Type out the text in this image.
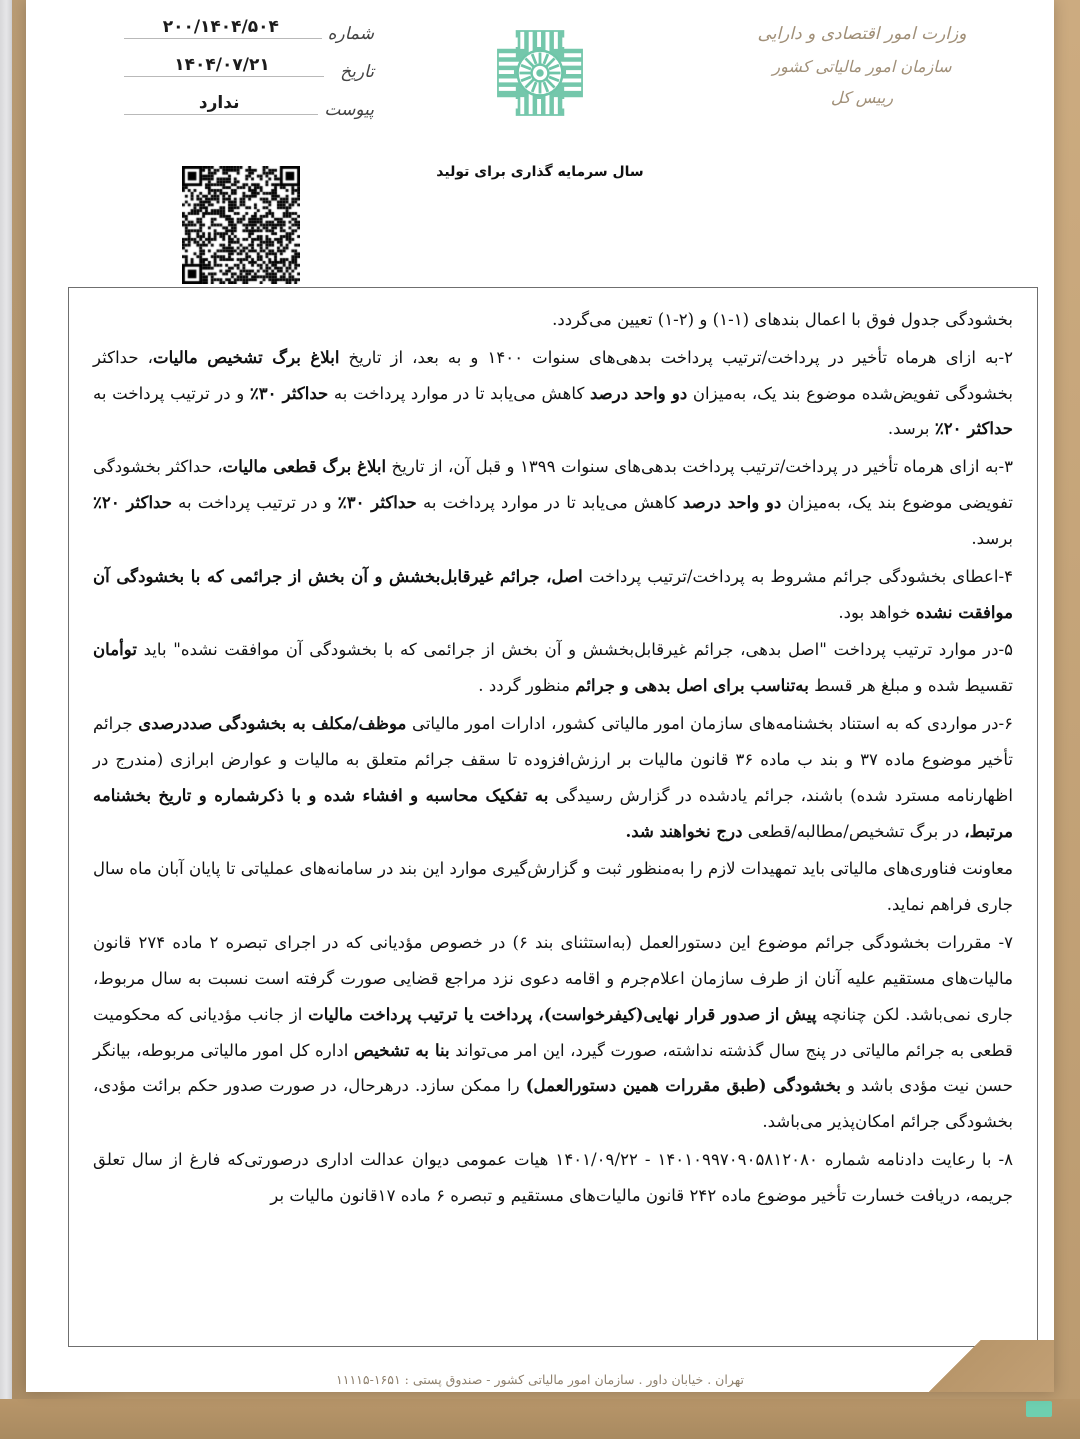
شماره
۲۰۰/۱۴۰۴/۵۰۴
تاریخ
۱۴۰۴/۰۷/۲۱
پیوست
ندارد
وزارت امور اقتصادی و دارایی
سازمان امور مالیاتی کشور
رییس کل
سال سرمایه گذاری برای تولید

بخشودگی جدول فوق با اعمال بندهای (۱-۱) و (۲-۱) تعیین می‌گردد.

۲-به ازای هرماه تأخیر در پرداخت/ترتیب پرداخت بدهی‌های سنوات ۱۴۰۰ و به بعد، از تاریخ ابلاغ برگ تشخیص مالیات، حداکثر بخشودگی تفویض‌شده موضوع بند یک، به‌میزان دو واحد درصد کاهش می‌یابد تا در موارد پرداخت به حداکثر ۳۰٪ و در ترتیب پرداخت به حداکثر ۲۰٪ برسد.

۳-به ازای هرماه تأخیر در پرداخت/ترتیب پرداخت بدهی‌های سنوات ۱۳۹۹ و قبل آن، از تاریخ ابلاغ برگ قطعی مالیات، حداکثر بخشودگی تفویضی موضوع بند یک، به‌میزان دو واحد درصد کاهش می‌یابد تا در موارد پرداخت به حداکثر ۳۰٪ و در ترتیب پرداخت به حداکثر ۲۰٪ برسد.

۴-اعطای بخشودگی جرائم مشروط به پرداخت/ترتیب پرداخت اصل، جرائم غیرقابل‌بخشش و آن بخش از جرائمی که با بخشودگی آن موافقت نشده خواهد بود.

۵-در موارد ترتیب پرداخت "اصل بدهی، جرائم غیرقابل‌بخشش و آن بخش از جرائمی که با بخشودگی آن موافقت نشده" باید توأمان تقسیط شده و مبلغ هر قسط به‌تناسب برای اصل بدهی و جرائم منظور گردد .

۶-در مواردی که به استناد بخشنامه‌های سازمان امور مالیاتی کشور، ادارات امور مالیاتی موظف/مکلف به بخشودگی صددرصدی جرائم تأخیر موضوع ماده ۳۷ و بند ب ماده ۳۶ قانون مالیات بر ارزش‌افزوده تا سقف جرائم متعلق به مالیات و عوارض ابرازی (مندرج در اظهارنامه مسترد شده) باشند، جرائم یادشده در گزارش رسیدگی به تفکیک محاسبه و افشاء شده و با ذکرشماره و تاریخ بخشنامه مرتبط، در برگ تشخیص/مطالبه/قطعی درج نخواهند شد.

معاونت فناوری‌های مالیاتی باید تمهیدات لازم را به‌منظور ثبت و گزارش‌گیری موارد این بند در سامانه‌های عملیاتی تا پایان آبان ماه سال جاری فراهم نماید.

۷- مقررات بخشودگی جرائم موضوع این دستورالعمل (به‌استثنای بند ۶) در خصوص مؤدیانی که در اجرای تبصره ۲ ماده ۲۷۴ قانون مالیات‌های مستقیم علیه آنان از طرف سازمان اعلام‌جرم و اقامه دعوی نزد مراجع قضایی صورت گرفته است نسبت به سال مربوط، جاری نمی‌باشد. لکن چنانچه پیش از صدور قرار نهایی(کیفرخواست)، پرداخت یا ترتیب پرداخت مالیات از جانب مؤدیانی که محکومیت قطعی به جرائم مالیاتی در پنج سال گذشته نداشته، صورت گیرد، این امر می‌تواند بنا به تشخیص اداره کل امور مالیاتی مربوطه، بیانگر حسن نیت مؤدی باشد و بخشودگی (طبق مقررات همین دستورالعمل) را ممکن سازد. درهرحال، در صورت صدور حکم برائت مؤدی، بخشودگی جرائم امکان‌پذیر می‌باشد.

۸- با رعایت دادنامه شماره ۱۴۰۱۰۹۹۷۰۹۰۵۸۱۲۰۸۰ - ۱۴۰۱/۰۹/۲۲ هیات عمومی دیوان عدالت اداری درصورتی‌که فارغ از سال تعلق جریمه، دریافت خسارت تأخیر موضوع ماده ۲۴۲ قانون مالیات‌های مستقیم و تبصره ۶ ماده ۱۷قانون مالیات بر

تهران . خیابان داور . سازمان امور مالیاتی کشور - صندوق پستی : ۱۶۵۱-۱۱۱۱۵
